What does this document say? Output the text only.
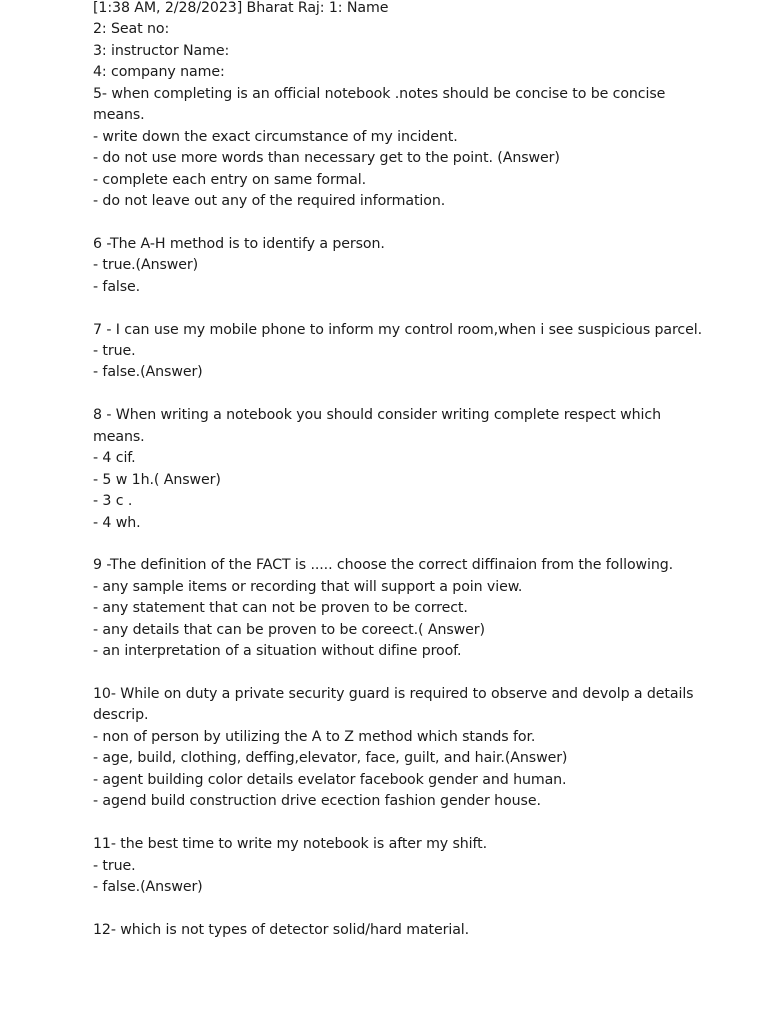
[1:38 AM, 2/28/2023] Bharat Raj: 1: Name
2: Seat no:
3: instructor Name:
4: company name:
5- when completing is an official notebook .notes should be concise to be concise
means.
- write down the exact circumstance of my incident.
- do not use more words than necessary get to the point. (Answer)
- complete each entry on same formal.
- do not leave out any of the required information.
6 -The A-H method is to identify a person.
- true.(Answer)
- false.
7 - I can use my mobile phone to inform my control room,when i see suspicious parcel.
- true.
- false.(Answer)
8 - When writing a notebook you should consider writing complete respect which
means.
- 4 cif.
- 5 w 1h.( Answer)
- 3 c .
- 4 wh.
9 -The definition of the FACT is ..... choose the correct diffinaion from the following.
- any sample items or recording that will support a poin view.
- any statement that can not be proven to be correct.
- any details that can be proven to be coreect.( Answer)
- an interpretation of a situation without difine proof.
10- While on duty a private security guard is required to observe and devolp a details
descrip.
- non of person by utilizing the A to Z method which stands for.
- age, build, clothing, deffing,elevator, face, guilt, and hair.(Answer)
- agent building color details evelator facebook gender and human.
- agend build construction drive ecection fashion gender house.
11- the best time to write my notebook is after my shift.
- true.
- false.(Answer)
12- which is not types of detector solid/hard material.
